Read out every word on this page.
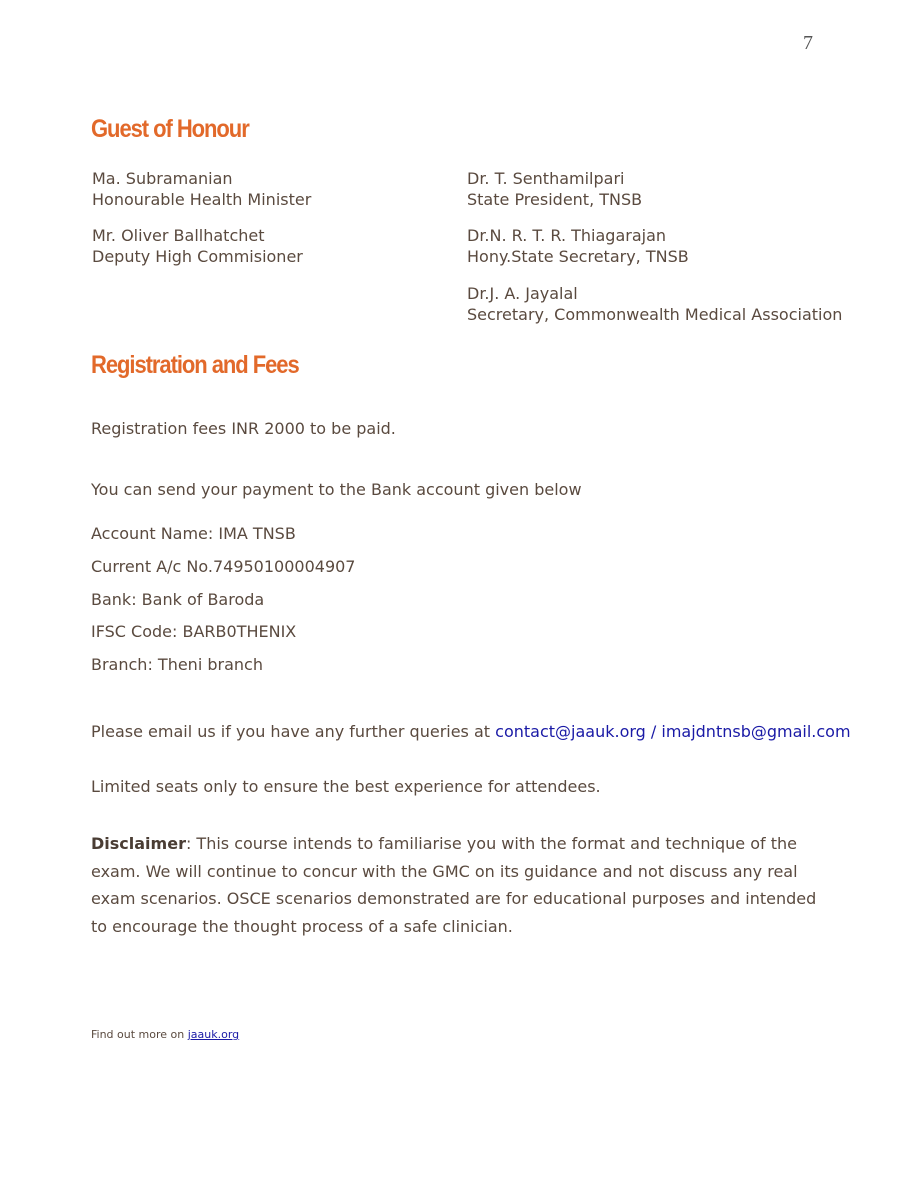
7
Guest of Honour
Ma. Subramanian
Honourable Health Minister
Mr. Oliver Ballhatchet
Deputy High Commisioner
Dr. T. Senthamilpari
State President, TNSB
Dr.N. R. T. R. Thiagarajan
Hony.State Secretary, TNSB
Dr.J. A. Jayalal
Secretary, Commonwealth Medical Association
Registration and Fees
Registration fees INR 2000 to be paid.
You can send your payment to the Bank account given below
Account Name: IMA TNSB
Current A/c No.74950100004907
Bank: Bank of Baroda
IFSC Code: BARB0THENIX
Branch: Theni branch
Please email us if you have any further queries at contact@jaauk.org / imajdntnsb@gmail.com
Limited seats only to ensure the best experience for attendees.

Disclaimer: This course intends to familiarise you with the format and technique of the exam. We will continue to concur with the GMC on its guidance and not discuss any real exam scenarios. OSCE scenarios demonstrated are for educational purposes and intended to encourage the thought process of a safe clinician.

Find out more on jaauk.org
